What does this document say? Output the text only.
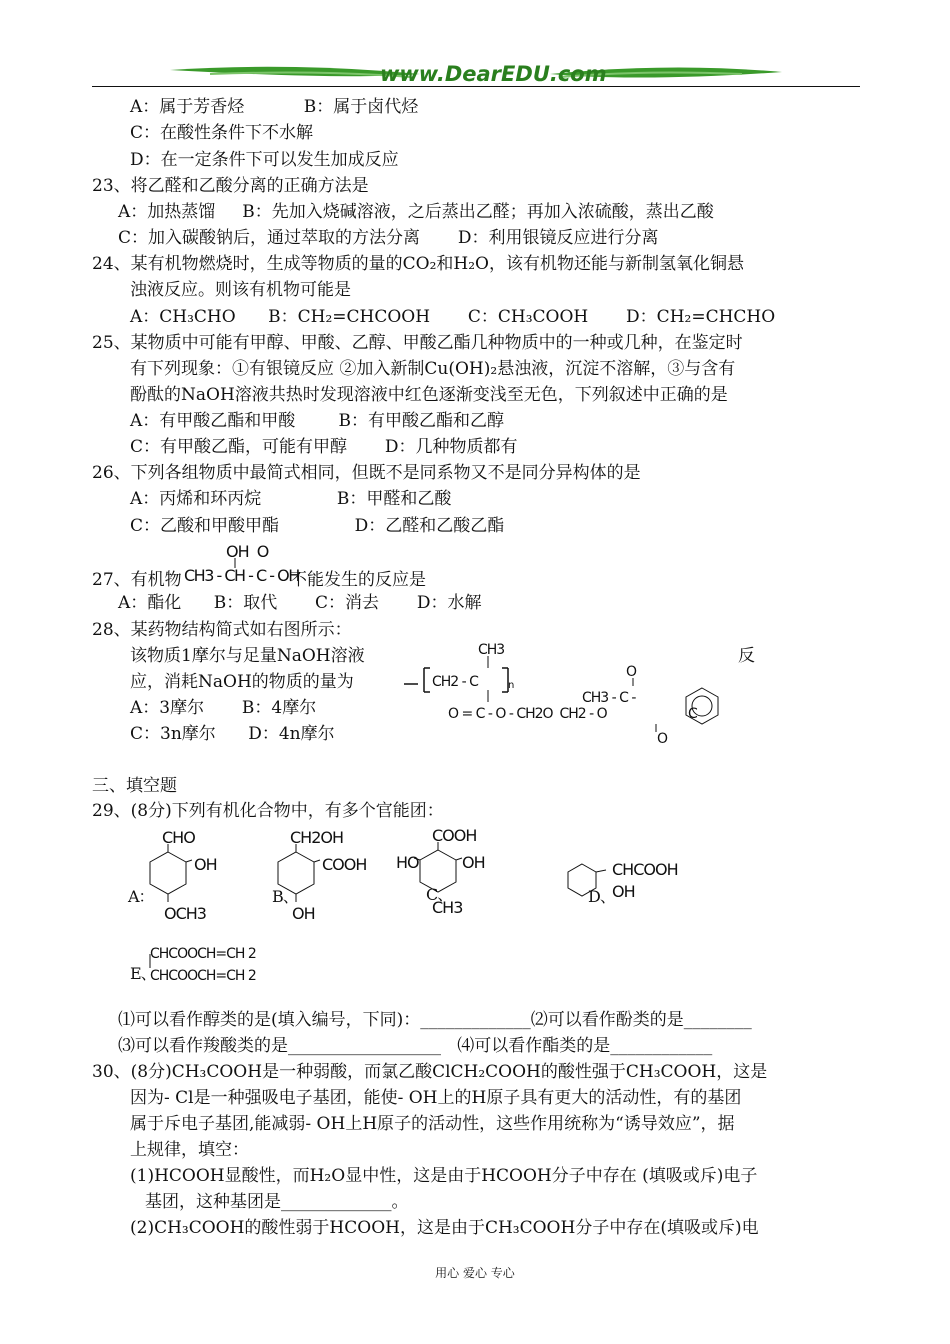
www.DearEDU.com
A：属于芳香烃           B：属于卤代烃
C：在酸性条件下不水解
D：在一定条件下可以发生加成反应
23、将乙醛和乙酸分离的正确方法是
A：加热蒸馏     B：先加入烧碱溶液，之后蒸出乙醛；再加入浓硫酸，蒸出乙酸
C：加入碳酸钠后，通过萃取的方法分离       D：利用银镜反应进行分离
24、某有机物燃烧时，生成等物质的量的CO₂和H₂O，该有机物还能与新制氢氧化铜悬
浊液反应。则该有机物可能是
A：CH₃CHO      B：CH₂=CHCOOH       C：CH₃COOH       D：CH₂=CHCHO
25、某物质中可能有甲醇、甲酸、乙醇、甲酸乙酯几种物质中的一种或几种，在鉴定时
有下列现象：①有银镜反应 ②加入新制Cu(OH)₂悬浊液，沉淀不溶解，③与含有
酚酞的NaOH溶液共热时发现溶液中红色逐渐变浅至无色，下列叙述中正确的是
A：有甲酸乙酯和甲酸        B：有甲酸乙酯和乙醇
C：有甲酸乙酯，可能有甲醇       D：几种物质都有
26、下列各组物质中最简式相同，但既不是同系物又不是同分异构体的是
A：丙烯和环丙烷              B：甲醛和乙酸
C：乙酸和甲酸甲酯              D：乙醛和乙酸乙酯
27、有机物	不能发生的反应是
A：酯化      B：取代       C：消去       D：水解
28、某药物结构简式如右图所示：
该物质1摩尔与足量NaOH溶液	反
应，消耗NaOH的物质的量为
A：3摩尔       B：4摩尔
C：3n摩尔      D：4n摩尔
三、填空题
29、(8分)下列有机化合物中，有多个官能团：
⑴可以看作醇类的是(填入编号，下同)：_____________⑵可以看作酚类的是________
⑶可以看作羧酸类的是__________________   ⑷可以看作酯类的是____________
30、(8分)CH₃COOH是一种弱酸，而氯乙酸ClCH₂COOH的酸性强于CH₃COOH，这是
因为- Cl是一种强吸电子基团，能使- OH上的H原子具有更大的活动性，有的基团
属于斥电子基团,能减弱- OH上H原子的活动性，这些作用统称为“诱导效应”，据
上规律，填空：
(1)HCOOH显酸性，而H₂O显中性，这是由于HCOOH分子中存在 (填吸或斥)电子
基团，这种基团是_____________。
(2)CH₃COOH的酸性弱于HCOOH，这是由于CH₃COOH分子中存在(填吸或斥)电
OH  O
CH3 - CH - C - OH
CH3
CH2 - C	n
O
CH3 - C -
O = C - O - CH2O  CH2 - O	C
O
CHO
OH
A：
OCH3
CH2OH
COOH
B、
OH
COOH
HO	OH
C、
CH3
CHCOOH
D、
OH
CHCOOCH=CH 2
E、
CHCOOCH=CH 2
用心 爱心 专心
